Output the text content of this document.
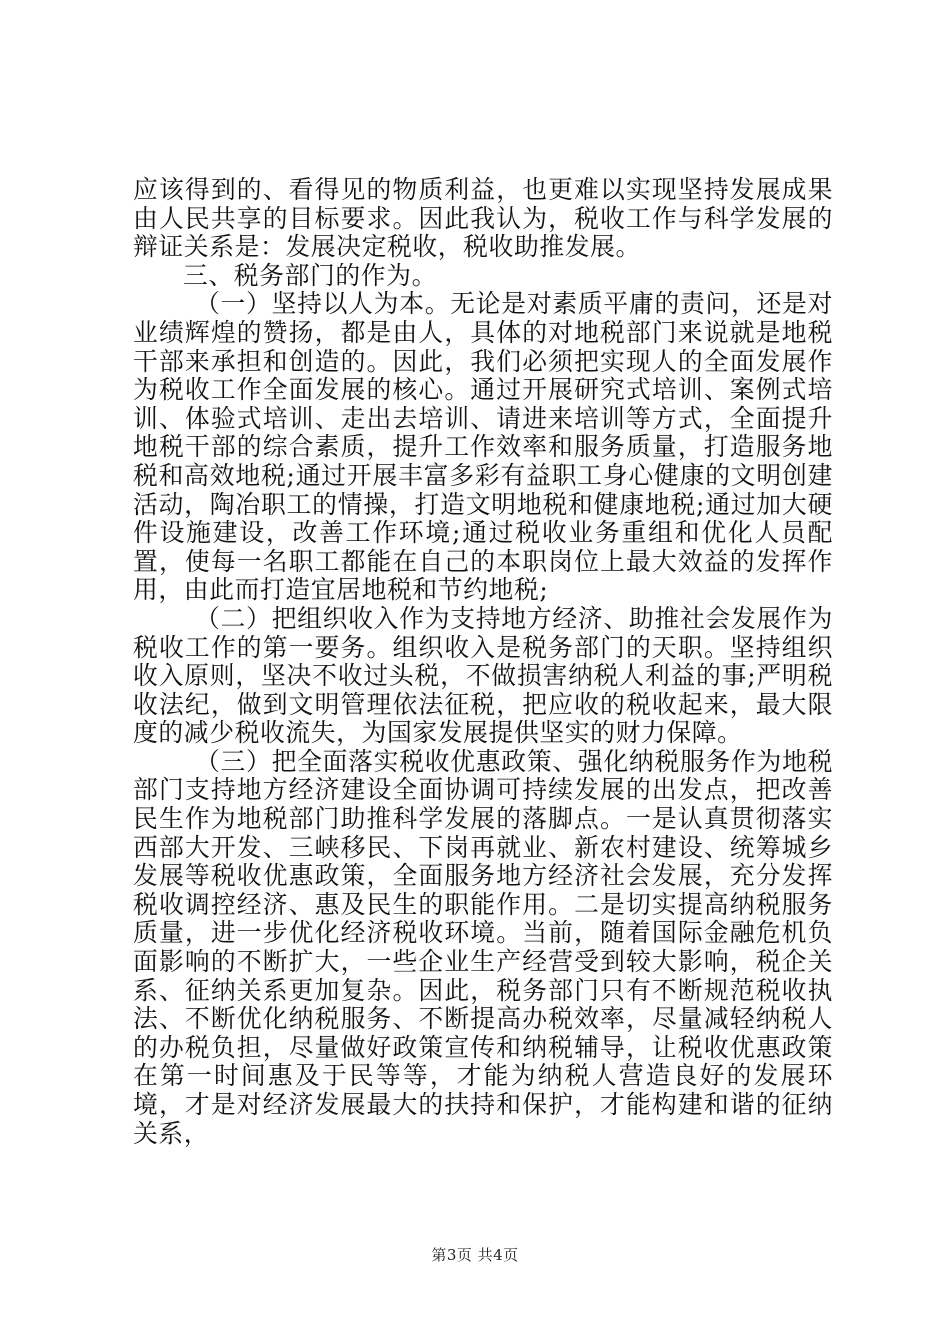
应该得到的、看得见的物质利益，也更难以实现坚持发展成果由人民共享的目标要求。因此我认为，税收工作与科学发展的辩证关系是：发展决定税收，税收助推发展。

三、税务部门的作为。

（一）坚持以人为本。无论是对素质平庸的责问，还是对业绩辉煌的赞扬，都是由人，具体的对地税部门来说就是地税干部来承担和创造的。因此，我们必须把实现人的全面发展作为税收工作全面发展的核心。通过开展研究式培训、案例式培训、体验式培训、走出去培训、请进来培训等方式，全面提升地税干部的综合素质，提升工作效率和服务质量，打造服务地税和高效地税;通过开展丰富多彩有益职工身心健康的文明创建活动，陶冶职工的情操，打造文明地税和健康地税;通过加大硬件设施建设，改善工作环境;通过税收业务重组和优化人员配置，使每一名职工都能在自己的本职岗位上最大效益的发挥作用，由此而打造宜居地税和节约地税;

（二）把组织收入作为支持地方经济、助推社会发展作为税收工作的第一要务。组织收入是税务部门的天职。坚持组织收入原则，坚决不收过头税，不做损害纳税人利益的事;严明税收法纪，做到文明管理依法征税，把应收的税收起来，最大限度的减少税收流失，为国家发展提供坚实的财力保障。

（三）把全面落实税收优惠政策、强化纳税服务作为地税部门支持地方经济建设全面协调可持续发展的出发点，把改善民生作为地税部门助推科学发展的落脚点。一是认真贯彻落实西部大开发、三峡移民、下岗再就业、新农村建设、统筹城乡发展等税收优惠政策，全面服务地方经济社会发展，充分发挥税收调控经济、惠及民生的职能作用。二是切实提高纳税服务质量，进一步优化经济税收环境。当前，随着国际金融危机负面影响的不断扩大，一些企业生产经营受到较大影响，税企关系、征纳关系更加复杂。因此，税务部门只有不断规范税收执法、不断优化纳税服务、不断提高办税效率，尽量减轻纳税人的办税负担，尽量做好政策宣传和纳税辅导，让税收优惠政策在第一时间惠及于民等等，才能为纳税人营造良好的发展环境，才是对经济发展最大的扶持和保护，才能构建和谐的征纳关系，

第3页 共4页
